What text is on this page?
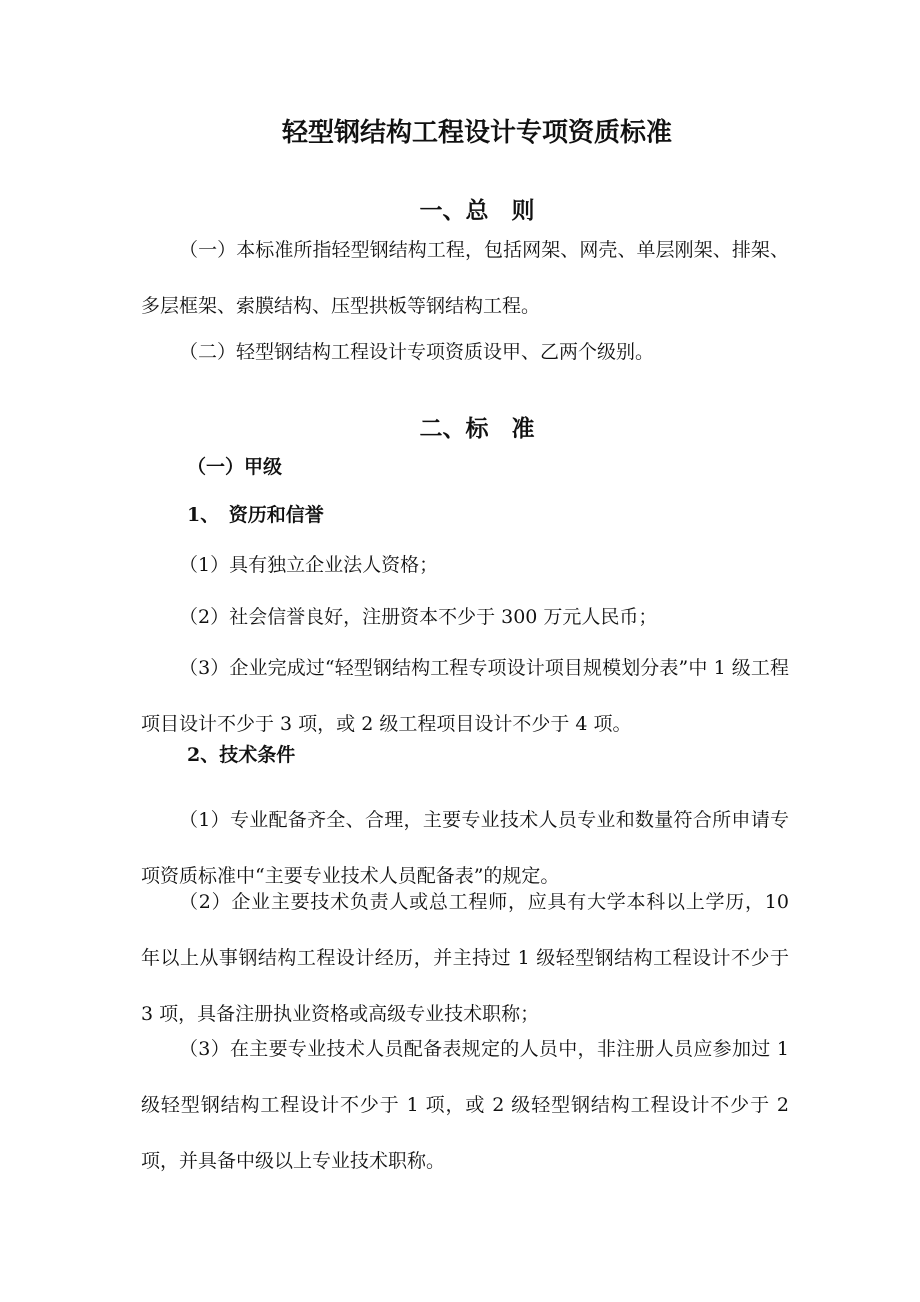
轻型钢结构工程设计专项资质标准
一、总　则

（一）本标准所指轻型钢结构工程，包括网架、网壳、单层刚架、排架、多层框架、索膜结构、压型拱板等钢结构工程。

（二）轻型钢结构工程设计专项资质设甲、乙两个级别。

二、标　准
（一）甲级
1、　资历和信誉

（1）具有独立企业法人资格；

（2）社会信誉良好，注册资本不少于 300 万元人民币；

（3）企业完成过“轻型钢结构工程专项设计项目规模划分表”中 1 级工程项目设计不少于 3 项，或 2 级工程项目设计不少于 4 项。

2、技术条件

（1）专业配备齐全、合理，主要专业技术人员专业和数量符合所申请专项资质标准中“主要专业技术人员配备表”的规定。

（2）企业主要技术负责人或总工程师，应具有大学本科以上学历，10 年以上从事钢结构工程设计经历，并主持过 1 级轻型钢结构工程设计不少于 3 项，具备注册执业资格或高级专业技术职称；

（3）在主要专业技术人员配备表规定的人员中，非注册人员应参加过 1 级轻型钢结构工程设计不少于 1 项，或 2 级轻型钢结构工程设计不少于 2 项，并具备中级以上专业技术职称。
